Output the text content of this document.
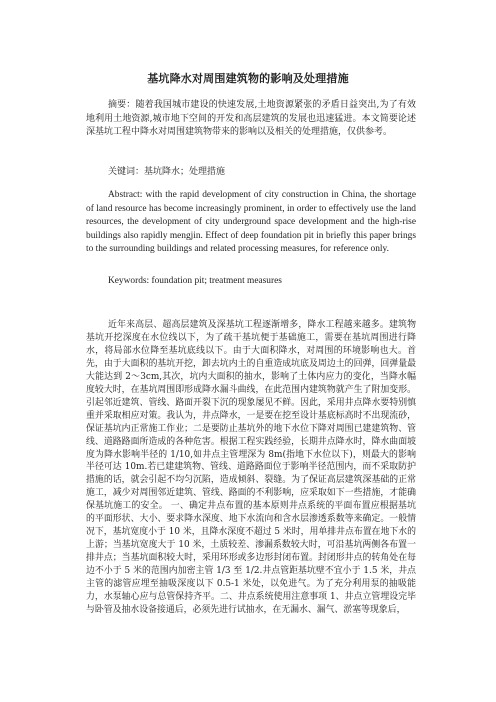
基坑降水对周围建筑物的影响及处理措施
摘要：随着我国城市建设的快速发展,土地资源紧张的矛盾日益突出,为了有效地利用土地资源,城市地下空间的开发和高层建筑的发展也迅速猛进。本文简要论述深基坑工程中降水对周围建筑物带来的影响以及相关的处理措施，仅供参考。
关键词：基坑降水；处理措施
Abstract: with the rapid development of city construction in China, the shortage of land resource has become increasingly prominent, in order to effectively use the land resources, the development of city underground space development and the high-rise buildings also rapidly mengjin. Effect of deep foundation pit in briefly this paper brings to the surrounding buildings and related processing measures, for reference only.
Keywords: foundation pit; treatment measures
近年来高层、超高层建筑及深基坑工程逐渐增多，降水工程越来越多。建筑物基坑开挖深度在水位线以下，为了疏干基坑便于基础施工，需要在基坑周围进行降水，将局部水位降至基坑底线以下。由于大面积降水，对周围的环境影响也大。首先，由于大面积的基坑开挖，卸去坑内土的自重造成坑底及周边土的回弹，回弹量最大能达到 2～3cm,其次，坑内大面积的抽水，影响了土体内应力的变化，当降水幅度较大时，在基坑周围即形成降水漏斗曲线，在此范围内建筑物就产生了附加变形。引起邻近建筑、管线、路面开裂下沉的现象屡见不鲜。因此，采用井点降水要特别慎重并采取相应对策。我认为，井点降水，一是要在挖至设计基底标高时不出现流砂，保证基坑内正常施工作业；二是要防止基坑外的地下水位下降对周围已建建筑物、管线、道路路面所造成的各种危害。根据工程实践经验，长期井点降水时，降水曲面坡度为降水影响半径的 1/10,如井点主管埋深为 8m(指地下水位以下)，则最大的影响半径可达 10m.若已建建筑物、管线、道路路面位于影响半径范围内，而不采取防护措施的话，就会引起不均匀沉陷，造成倾斜、裂缝。为了保证高层建筑深基础的正常施工，减少对周围邻近建筑、管线、路面的不利影响，应采取如下一些措施，才能确保基坑施工的安全。 一、确定井点布置的基本原则井点系统的平面布置应根据基坑的平面形状、大小、要求降水深度、地下水流向和含水层渗透系数等来确定。一般情况下，基坑宽度小于 10 米，且降水深度不超过 5 米时，用单排井点布置在地下水的上游；当基坑宽度大于 10 米，土质较差、渗漏系数较大时，可沿基坑两侧各布置一排井点；当基坑面积较大时，采用环形或多边形封闭布置。封闭形井点的转角处在每边不小于 5 米的范围内加密主管 1/3 至 1/2.井点管距基坑壁不宜小于 1.5 米，井点主管的滤管应埋至抽吸深度以下 0.5-1 米处，以免进气。为了充分利用泵的抽吸能力，水泵轴心应与总管保持齐平。二、井点系统使用注意事项 1、井点立管埋设完毕与卧管及抽水设备接通后，必须先进行试抽水，在无漏水、漏气、淤塞等现象后，
